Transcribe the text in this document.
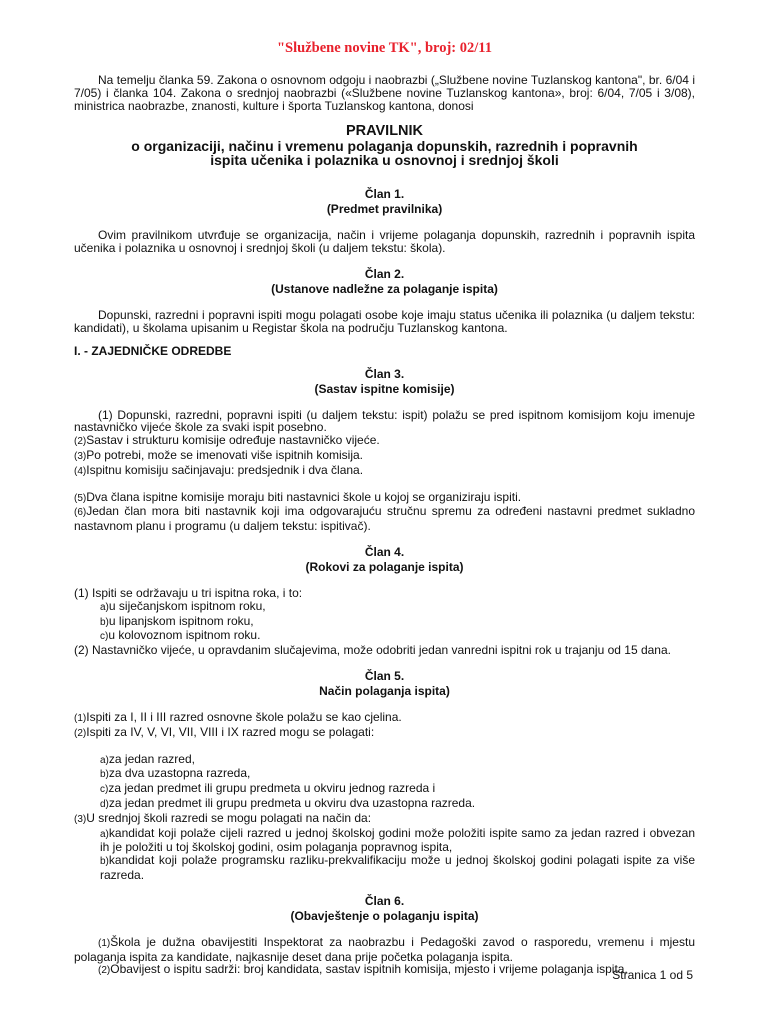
"Službene novine TK", broj: 02/11

Na temelju članka 59. Zakona o osnovnom odgoju i naobrazbi („Službene novine Tuzlanskog kantona", br. 6/04 i 7/05) i članka 104. Zakona o srednjoj naobrazbi («Službene novine Tuzlanskog kantona», broj: 6/04, 7/05 i 3/08), ministrica naobrazbe, znanosti, kulture i športa Tuzlanskog kantona, donosi

PRAVILNIK
o organizaciji, načinu i vremenu polaganja dopunskih, razrednih i popravnih
ispita učenika i polaznika u osnovnoj i srednjoj školi
Član 1.
(Predmet pravilnika)

Ovim pravilnikom utvrđuje se organizacija, način i vrijeme polaganja dopunskih, razrednih i popravnih ispita učenika i polaznika u osnovnoj i srednjoj školi (u daljem tekstu: škola).

Član 2.
(Ustanove nadležne za polaganje ispita)

Dopunski, razredni i popravni ispiti mogu polagati osobe koje imaju status učenika ili polaznika (u daljem tekstu: kandidati), u školama upisanim u Registar škola na području Tuzlanskog kantona.

I. - ZAJEDNIČKE ODREDBE
Član 3.
(Sastav ispitne komisije)

(1) Dopunski, razredni, popravni ispiti (u daljem tekstu: ispit) polažu se pred ispitnom komisijom koju imenuje nastavničko vijeće škole za svaki ispit posebno.

(2)Sastav i strukturu komisije određuje nastavničko vijeće.
(3)Po potrebi, može se imenovati više ispitnih komisija.
(4)Ispitnu komisiju sačinjavaju: predsjednik i dva člana.
(5)Dva člana ispitne komisije moraju biti nastavnici škole u kojoj se organiziraju ispiti.

(6)Jedan član mora biti nastavnik koji ima odgovarajuću stručnu spremu za određeni nastavni predmet sukladno nastavnom planu i programu (u daljem tekstu: ispitivač).

Član 4.
(Rokovi za polaganje ispita)
(1) Ispiti se održavaju u tri ispitna roka, i to:
a)u siječanjskom ispitnom roku,
b)u lipanjskom ispitnom roku,
c)u kolovoznom ispitnom roku.

(2) Nastavničko vijeće, u opravdanim slučajevima, može odobriti jedan vanredni ispitni rok u trajanju od 15 dana.

Član 5.
Način polaganja ispita)
(1)Ispiti za I, II i III razred osnovne škole polažu se kao cjelina.
(2)Ispiti za IV, V, VI, VII, VIII i IX razred mogu se polagati:
a)za jedan razred,
b)za dva uzastopna razreda,
c)za jedan predmet ili grupu predmeta u okviru jednog razreda i
d)za jedan predmet ili grupu predmeta u okviru dva uzastopna razreda.
(3)U srednjoj školi razredi se mogu polagati na način da:

a)kandidat koji polaže cijeli razred u jednoj školskoj godini može položiti ispite samo za jedan razred i obvezan ih je položiti u toj školskoj godini, osim polaganja popravnog ispita,

b)kandidat koji polaže programsku razliku-prekvalifikaciju može u jednoj školskoj godini polagati ispite za više razreda.

Član 6.
(Obavještenje o polaganju ispita)

(1)Škola je dužna obavijestiti Inspektorat za naobrazbu i Pedagoški zavod o rasporedu, vremenu i mjestu polaganja ispita za kandidate, najkasnije deset dana prije početka polaganja ispita.

(2)Obavijest o ispitu sadrži: broj kandidata, sastav ispitnih komisija, mjesto i vrijeme polaganja ispita.

Stranica 1 od 5
